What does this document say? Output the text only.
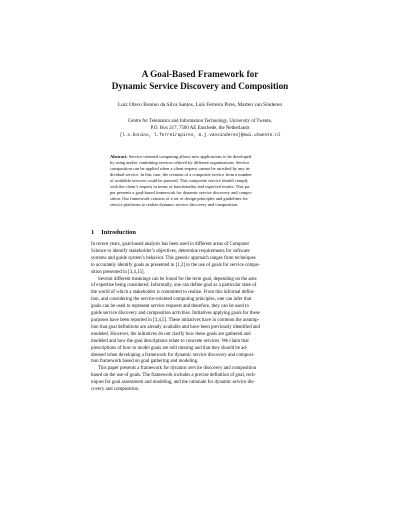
A Goal-Based Framework for
Dynamic Service Discovery and Composition
Luiz Olavo Bonino da Silva Santos, Luís Ferreira Pires, Marten van Sinderen
Centre for Telematics and Information Technology, University of Twente,
P.O. Box 217, 7500 AE Enschede, the Netherlands
{l.o.bonino, l.ferreirapires, m.j.vansinderen}@ewi.utwente.nl
Abstract. Service-oriented computing allows new applications to be developed
by using and/or combining services offered by different organizations. Service
composition can be applied when a client request cannot be satisfied by any in-
dividual service. In this case, the creation of a composite service from a number
of available services could be pursued. This composite service should comply
with the client’s request in terms of functionality and expected results. This pa-
per presents a goal-based framework for dynamic service discovery and compo-
sition. Our framework consists of a set of design principles and guidelines for
service platforms to realize dynamic service discovery and composition.
1 Introduction
In recent years, goal-based analysis has been used in different areas of Computer
Science to identify stakeholder’s objectives, determine requirements for software
systems and guide system’s behavior. This generic approach ranges from techniques
to accurately identify goals as presented in [1,2] to the use of goals for service compo-
sition presented in [3,4,15].
Several different meanings can be found for the term goal, depending on the area
of expertise being considered. Informally, one can define goal as a particular state of
the world of which a stakeholder is committed to realize. From this informal defini-
tion, and considering the service-oriented computing principles, one can infer that
goals can be used to represent service requests and therefore, they can be used to
guide service discovery and composition activities. Initiatives applying goals for these
purposes have been reported in [3,4,5]. These initiatives have in common the assump-
tion that goal definitions are already available and have been previously identified and
modeled. However, the initiatives do not clarify how these goals are gathered and
modeled and how the goal descriptions relate to concrete services. We claim that
prescriptions of how to model goals are still missing and that they should be ad-
dressed when developing a framework for dynamic service discovery and composi-
tion framework based on goal gathering and modeling.
This paper presents a framework for dynamic service discovery and composition
based on the use of goals. The framework includes a precise definition of goal, tech-
niques for goal assessment and modeling, and the rationale for dynamic service dis-
covery and composition.
